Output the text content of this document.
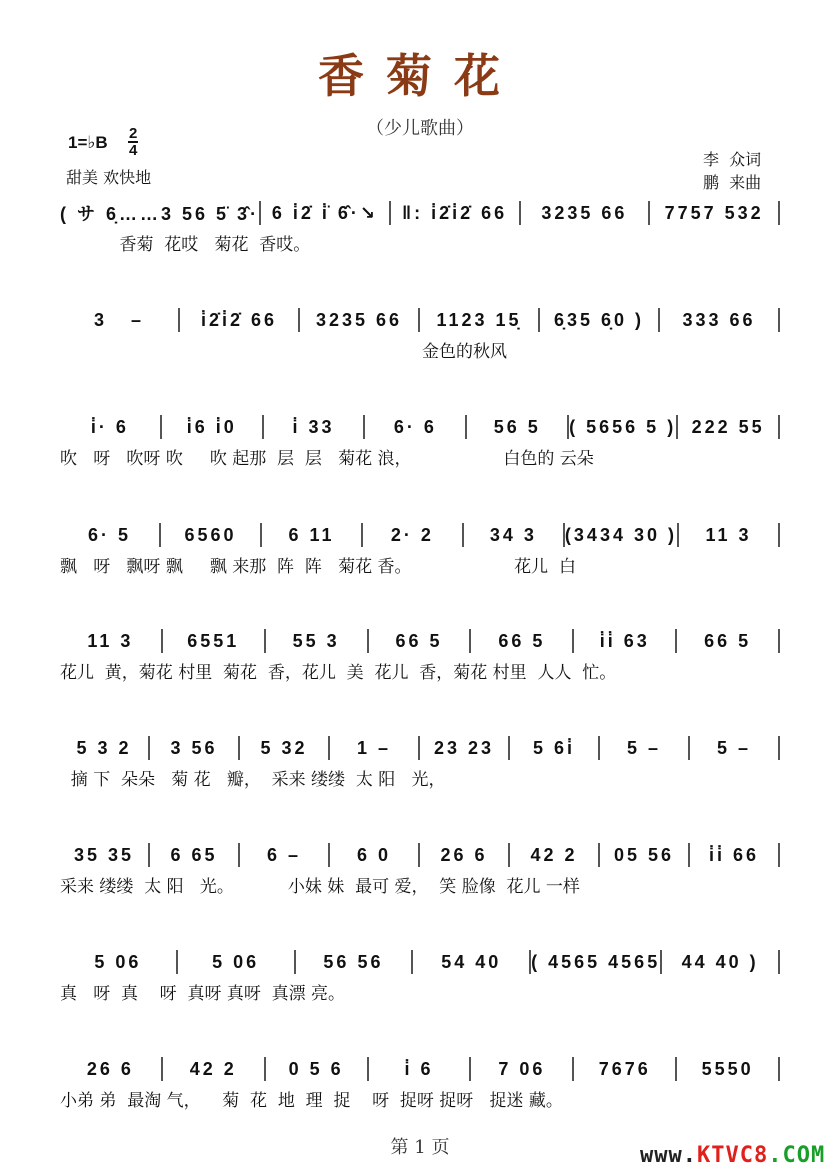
香菊花
（少儿歌曲）
1=♭B 2
4
甜美 欢快地
李  众词
鹏  来曲
( サ 6̣……3 56 5̈ 3̂· 6 i̇2̇ i̇̈ 6̂·↘	‖: i̇2̇i̇2̇ 66	3235 66	7757 532
香菊  花哎   菊花  香哎。
3   –	i̇2̇i̇2̇ 66	3235 66	1123 15̣	6̣35 6̣0 )	333 66
金色的秋风
i̇· 6	i̇6 i̇0	i̇ 33	6· 6	56 5	( 5656 5 ) 222 55
吹   呀   吹呀 吹     吹 起那  层  层   菊花 浪，                 白色的 云朵
6· 5	6560	6 11	2· 2	34 3	(3434 30 )	11 3
飘   呀   飘呀 飘     飘 来那  阵  阵   菊花 香。                   花儿  白
11 3	6551	55 3	66 5	66 5	i̇i̇ 63	66 5
花儿  黄，菊花 村里  菊花  香，花儿  美  花儿  香，菊花 村里  人人  忙。
5 3 2	3 56	5 32	1 –	23 23	5 6i̇	5 –	5 –
摘 下  朵朵   菊 花   瓣，  采来 缕缕  太 阳   光，
35 35	6 65	6 –	6 0	26 6	42 2	05 56	i̇i̇ 66
采来 缕缕  太 阳   光。          小妹 妹  最可 爱，  笑 脸像  花儿 一样
5 06	5 06	56 56	54 40	( 4565 4565	44 40 )
真   呀  真    呀  真呀 真呀  真漂 亮。
26 6	42 2	0 5 6	i̇ 6	7 06	7676	5550
小弟 弟  最淘 气，    菊  花  地  理  捉    呀  捉呀 捉呀   捉迷 藏。
第 1 页	www.KTVC8.COM
